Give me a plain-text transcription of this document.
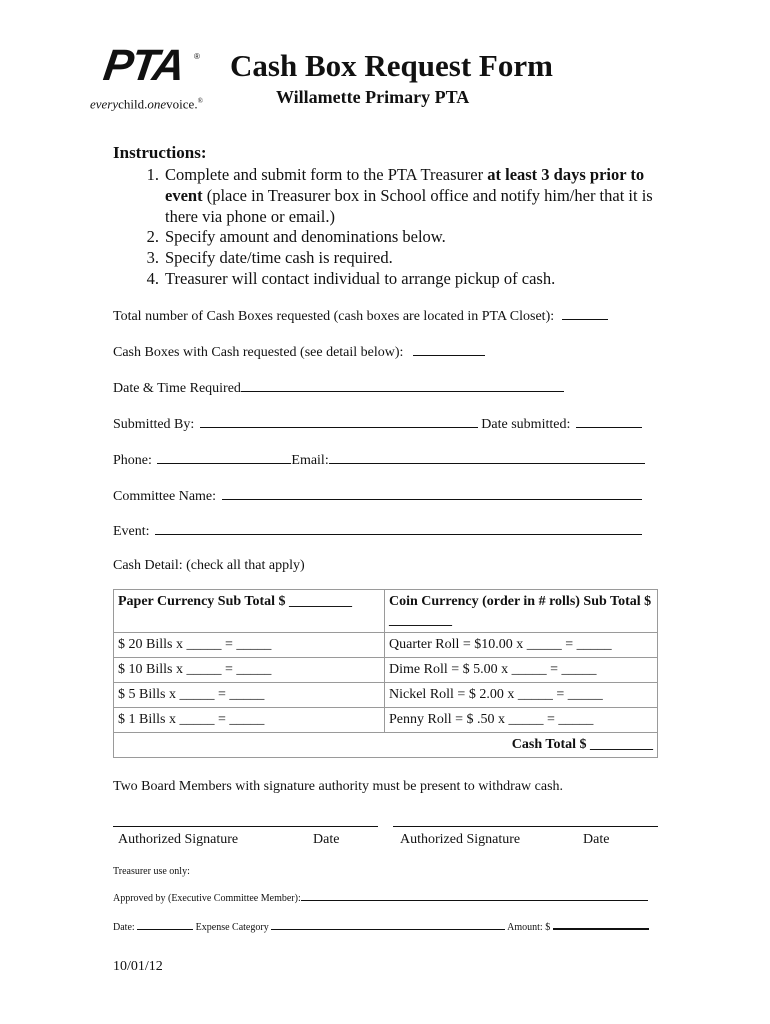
PTA ®
everychild.onevoice.®
Cash Box Request Form
Willamette Primary PTA
Instructions:
1. Complete and submit form to the PTA Treasurer at least 3 days prior to event (place in Treasurer box in School office and notify him/her that it is there via phone or email.)
2. Specify amount and denominations below.
3. Specify date/time cash is required.
4. Treasurer will contact individual to arrange pickup of cash.
Total number of Cash Boxes requested (cash boxes are located in PTA Closet):
Cash Boxes with Cash requested (see detail below):
Date & Time Required
Submitted By:	Date submitted:
Phone:	Email:
Committee Name:
Event:
Cash Detail: (check all that apply)
Paper Currency Sub Total $ _________	Coin Currency (order in # rolls) Sub Total $ _________
$ 20 Bills x _____ = _____	Quarter Roll = $10.00 x _____ = _____
$ 10 Bills x _____ = _____	Dime Roll = $ 5.00 x _____ = _____
$ 5 Bills x _____ = _____	Nickel Roll = $ 2.00 x _____ = _____
$ 1 Bills x _____ = _____	Penny Roll = $ .50 x _____ = _____
Cash Total $ _________	
Two Board Members with signature authority must be present to withdraw cash.
Authorized Signature	Date	Authorized Signature	Date
Treasurer use only:
Approved by (Executive Committee Member):
Date:	Expense Category	Amount: $
10/01/12
